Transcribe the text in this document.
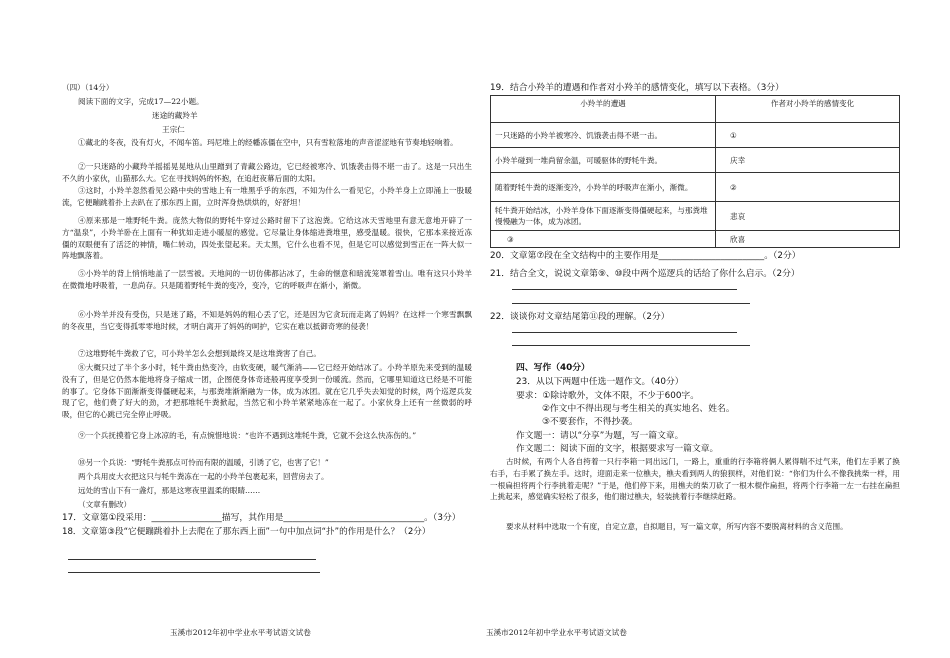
（四）（14分）
阅读下面的文字，完成17—22小题。
迷途的藏羚羊
王宗仁
①藏北的冬夜，没有灯火，不闻车笛。玛尼堆上的经幡冻僵在空中，只有雪粒落地的声音涩涩地有节奏地轻响着。
②一只迷路的小藏羚羊摇摇晃晃地从山里蹭到了青藏公路边，它已经被寒冷、饥饿袭击得不堪一击了。这是一只出生不久的小家伙，山猫那么大。它在寻找妈妈的怀抱，在追赶夜幕后面的太阳。
③这时，小羚羊忽然看见公路中央的雪地上有一堆黑乎乎的东西，不知为什么一看见它，小羚羊身上立即涌上一股暖流，它便蹦跳着扑上去趴在了那东西上面，立时浑身热烘烘的，好舒坦！
④原来那是一堆野牦牛粪。庞然大物似的野牦牛穿过公路时留下了这泡粪。它给这冰天雪地里有意无意地开辟了一方“温泉”，小羚羊卧在上面有一种犹如走进小暖屋的感觉。它尽量让身体缩进粪堆里，感受温暖。很快，它那本来接近冻僵的双眼便有了活泛的神情，嘴仁转动，四处张望起来。天太黑，它什么也看不见，但是它可以感觉到雪正在一阵大似一阵地飘落着。
⑤小羚羊的背上悄悄地盖了一层雪被。天地间的一切仿佛都沾冰了，生命的惬意和暗流笼罩着雪山。唯有这只小羚羊在微微地呼吸着，一息尚存。只是随着野牦牛粪的变冷，变冷，它的呼吸声在渐小，渐微。
⑥小羚羊并没有受伤，只是迷了路，不知是妈妈的粗心丢了它，还是因为它贪玩而走离了妈妈？在这样一个寒雪飘飘的冬夜里，当它变得孤零零地时候，才明白离开了妈妈的呵护，它实在难以抵御奇寒的侵袭！
⑦这堆野牦牛粪救了它，可小羚羊怎么会想到最终又是这堆粪害了自己。
⑧大概只过了半个多小时，牦牛粪由热变冷，由软变硬，暖气渐消——它已经开始结冰了。小羚羊原先来受到的温暖没有了，但是它仍然本能地将身子缩成一团，企图使身体奇迹般再度享受到一份暖流。然而，它哪里知道这已经是不可能的事了。它身体下面渐渐变得僵硬起来，与那粪堆渐渐融为一体，成为冰团。就在它几乎失去知觉的时候，两个巡逻兵发现了它，他们费了好大的劲，才把那堆牦牛粪掀起，当然它和小羚羊紧紧地冻在一起了。小家伙身上还有一丝微弱的呼吸，但它的心跳已完全停止呼吸。
⑨一个兵抚摸着它身上冰凉的毛，有点惋惜地说：“也许不遇到这堆牦牛粪，它就不会这么快冻伤的。”
⑩另一个兵说：“野牦牛粪那点可怜而有限的温暖，引诱了它，也害了它！”
两个兵用皮大衣把这只与牦牛粪冻在一起的小羚羊包裹起来，回营房去了。
远处的雪山下有一盏灯，那是这寒夜里温柔的眼睛……
（文章有删改）
17．文章第①段采用：________________描写，其作用是________________________________。（3分）
18．文章第③段“它便蹦跳着扑上去爬在了那东西上面”一句中加点词“扑”的作用是什么？（2分）
玉溪市2012年初中学业水平考试语文试卷
19．结合小羚羊的遭遇和作者对小羚羊的感情变化，填写以下表格。（3分）
小羚羊的遭遇	作者对小羚羊的感情变化
一只迷路的小羚羊被寒冷、饥饿袭击得不堪一击。	①
小羚羊碰到一堆尚留余温，可暖驱体的野牦牛粪。	庆幸
随着野牦牛粪的逐渐变冷，小羚羊的呼吸声在渐小，渐微。	②
牦牛粪开始结冰，小羚羊身体下面逐渐变得僵硬起来，与那粪堆慢慢融为一体，成为冰团。	悲哀
③	欣喜
20．文章第⑦段在全文结构中的主要作用是________________________。（2分）
21．结合全文，说说文章第⑨、⑩段中两个巡逻兵的话给了你什么启示。（2分）
22．谈谈你对文章结尾第⑪段的理解。（2分）
四、写作（40分）
23．从以下两题中任选一题作文。（40分）
要求：①除诗歌外，文体不限，不少于600字。
②作文中不得出现与考生相关的真实地名、姓名。
③不要套作，不得抄袭。
作文题一：请以“分享”为题，写一篇文章。
作文题二：阅读下面的文字，根据要求写一篇文章。
古时候，有两个人各自挎着一只行李箱一同出远门，一路上，重重的行李箱将俩人累得喘不过气来，他们左手累了换右手，右手累了换左手。这时，迎面走来一位樵夫，樵夫看到两人的狼狈样，对他们说：“你们为什么不像我挑柴一样，用一根扁担将两个行李挑着走呢？”于是，他们停下来，用樵夫的柴刀砍了一根木棍作扁担，将两个行李箱一左一右挂在扁担上挑起来，感觉确实轻松了很多，他们谢过樵夫，轻装挑着行李继续赶路。
要求从材料中选取一个有度，自定立意，自拟题目，写一篇文章，所写内容不要脱离材料的含义范围。
玉溪市2012年初中学业水平考试语文试卷
